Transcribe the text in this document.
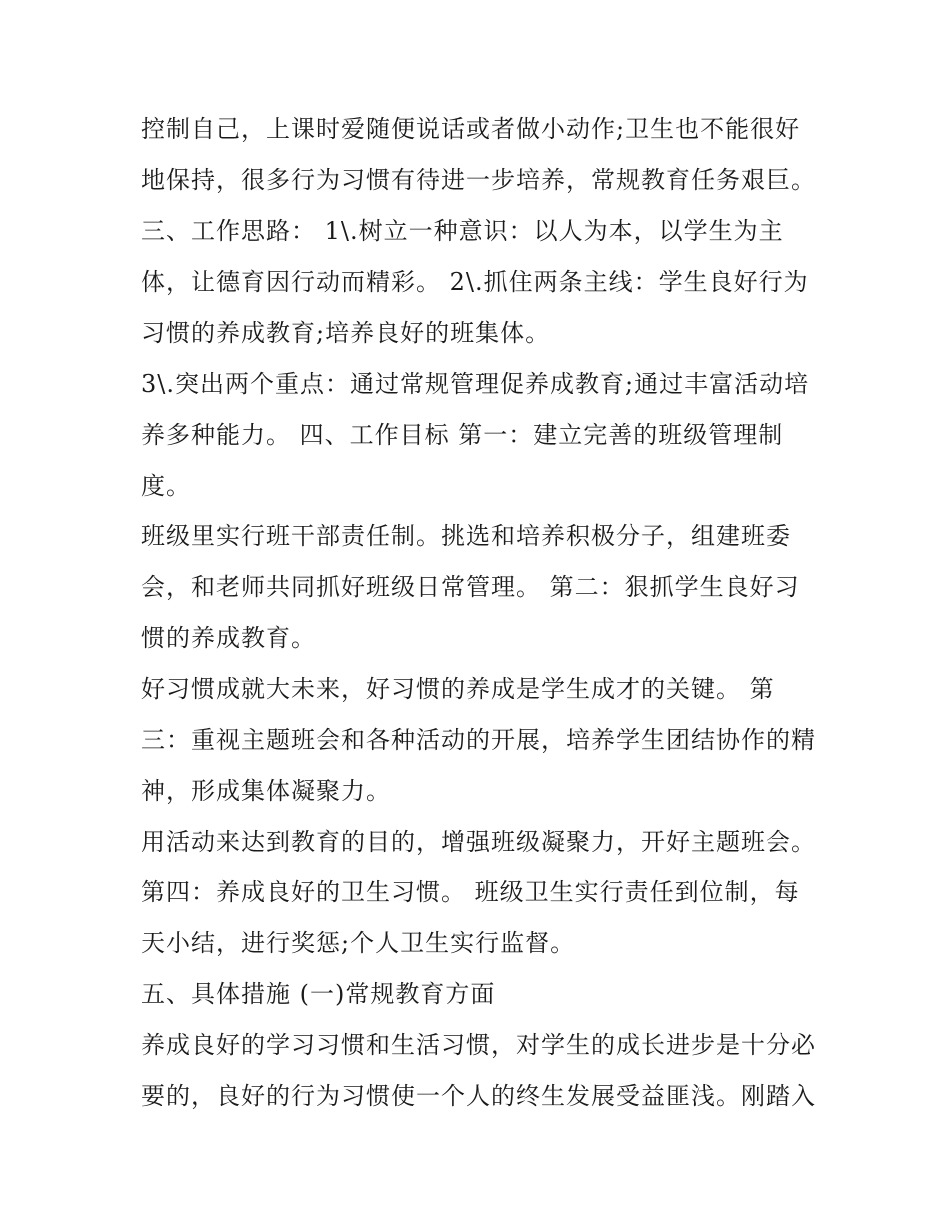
控制自己，上课时爱随便说话或者做小动作;卫生也不能很好
地保持，很多行为习惯有待进一步培养，常规教育任务艰巨。
三、工作思路： 1\.树立一种意识：以人为本，以学生为主
体，让德育因行动而精彩。 2\.抓住两条主线：学生良好行为
习惯的养成教育;培养良好的班集体。
3\.突出两个重点：通过常规管理促养成教育;通过丰富活动培
养多种能力。 四、工作目标 第一：建立完善的班级管理制
度。
班级里实行班干部责任制。挑选和培养积极分子，组建班委
会，和老师共同抓好班级日常管理。 第二：狠抓学生良好习
惯的养成教育。
好习惯成就大未来，好习惯的养成是学生成才的关键。 第
三：重视主题班会和各种活动的开展，培养学生团结协作的精
神，形成集体凝聚力。
用活动来达到教育的目的，增强班级凝聚力，开好主题班会。
第四：养成良好的卫生习惯。 班级卫生实行责任到位制，每
天小结，进行奖惩;个人卫生实行监督。
五、具体措施 (一)常规教育方面
养成良好的学习习惯和生活习惯，对学生的成长进步是十分必
要的，良好的行为习惯使一个人的终生发展受益匪浅。刚踏入
